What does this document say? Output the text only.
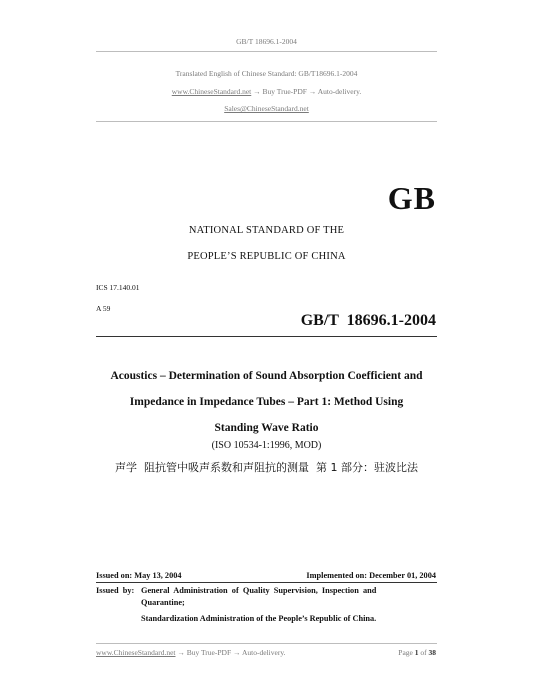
GB/T 18696.1-2004
Translated English of Chinese Standard: GB/T18696.1-2004
www.ChineseStandard.net → Buy True-PDF → Auto-delivery.
Sales@ChineseStandard.net
GB
NATIONAL STANDARD OF THE
PEOPLE’S REPUBLIC OF CHINA
ICS 17.140.01
A 59
GB/T  18696.1-2004
Acoustics – Determination of Sound Absorption Coefficient and
Impedance in Impedance Tubes – Part 1: Method Using
Standing Wave Ratio
(ISO 10534-1:1996, MOD)
声学  阻抗管中吸声系数和声阻抗的测量  第 1 部分：驻波比法
Issued on: May 13, 2004	Implemented on: December 01, 2004
Issued  by: General  Administration  of  Quality  Supervision,  Inspection  and
Quarantine;
Standardization Administration of the People’s Republic of China.
www.ChineseStandard.net → Buy True-PDF → Auto-delivery.	Page 1 of 38
